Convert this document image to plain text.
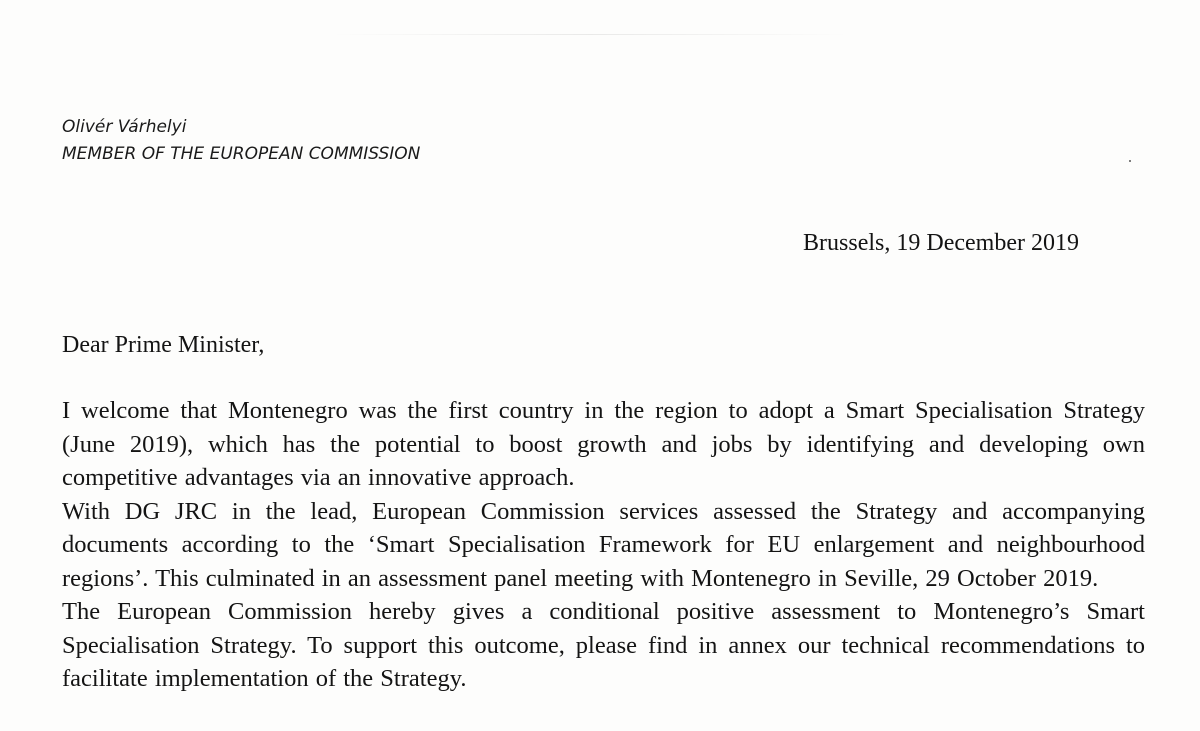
Olivér Várhelyi
MEMBER OF THE EUROPEAN COMMISSION
Brussels, 19 December 2019
Dear Prime Minister,

I welcome that Montenegro was the first country in the region to adopt a Smart Specialisation Strategy (June 2019), which has the potential to boost growth and jobs by identifying and developing own competitive advantages via an innovative approach.

With DG JRC in the lead, European Commission services assessed the Strategy and accompanying documents according to the ‘Smart Specialisation Framework for EU enlargement and neighbourhood regions’. This culminated in an assessment panel meeting with Montenegro in Seville, 29 October 2019.

The European Commission hereby gives a conditional positive assessment to Montenegro’s Smart Specialisation Strategy. To support this outcome, please find in annex our technical recommendations to facilitate implementation of the Strategy.
